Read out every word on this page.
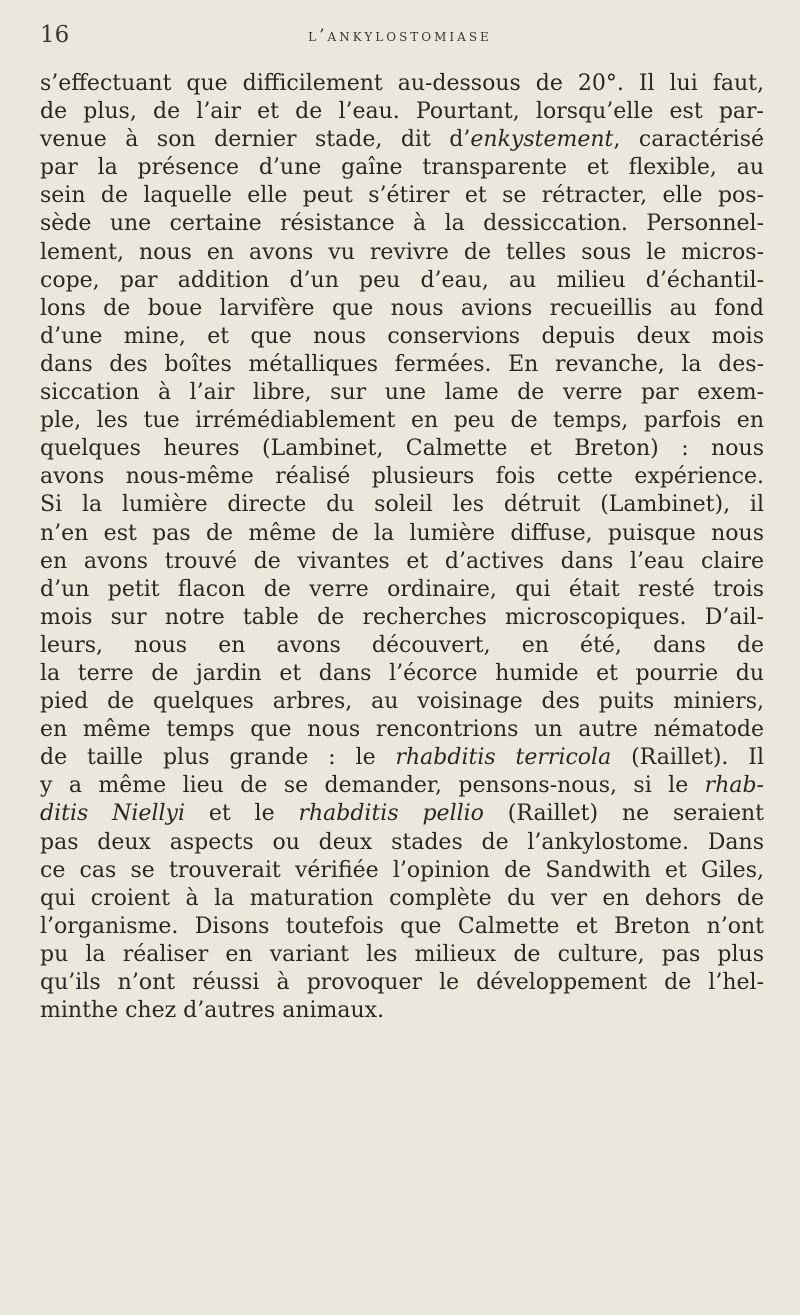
16	l’ankylostomiase
s’effectuant que difficilement au-dessous de 20°. Il lui faut,
de plus, de l’air et de l’eau. Pourtant, lorsqu’elle est par-
venue à son dernier stade, dit d’enkystement, caractérisé
par la présence d’une gaîne transparente et flexible, au
sein de laquelle elle peut s’étirer et se rétracter, elle pos-
sède une certaine résistance à la dessiccation. Personnel-
lement, nous en avons vu revivre de telles sous le micros-
cope, par addition d’un peu d’eau, au milieu d’échantil-
lons de boue larvifère que nous avions recueillis au fond
d’une mine, et que nous conservions depuis deux mois
dans des boîtes métalliques fermées. En revanche, la des-
siccation à l’air libre, sur une lame de verre par exem-
ple, les tue irrémédiablement en peu de temps, parfois en
quelques heures (Lambinet, Calmette et Breton) : nous
avons nous-même réalisé plusieurs fois cette expérience.
Si la lumière directe du soleil les détruit (Lambinet), il
n’en est pas de même de la lumière diffuse, puisque nous
en avons trouvé de vivantes et d’actives dans l’eau claire
d’un petit flacon de verre ordinaire, qui était resté trois
mois sur notre table de recherches microscopiques. D’ail-
leurs, nous en avons découvert, en été, dans de
la terre de jardin et dans l’écorce humide et pourrie du
pied de quelques arbres, au voisinage des puits miniers,
en même temps que nous rencontrions un autre nématode
de taille plus grande : le rhabditis terricola (Raillet). Il
y a même lieu de se demander, pensons-nous, si le rhab-
ditis Niellyi et le rhabditis pellio (Raillet) ne seraient
pas deux aspects ou deux stades de l’ankylostome. Dans
ce cas se trouverait vérifiée l’opinion de Sandwith et Giles,
qui croient à la maturation complète du ver en dehors de
l’organisme. Disons toutefois que Calmette et Breton n’ont
pu la réaliser en variant les milieux de culture, pas plus
qu’ils n’ont réussi à provoquer le développement de l’hel-
minthe chez d’autres animaux.
